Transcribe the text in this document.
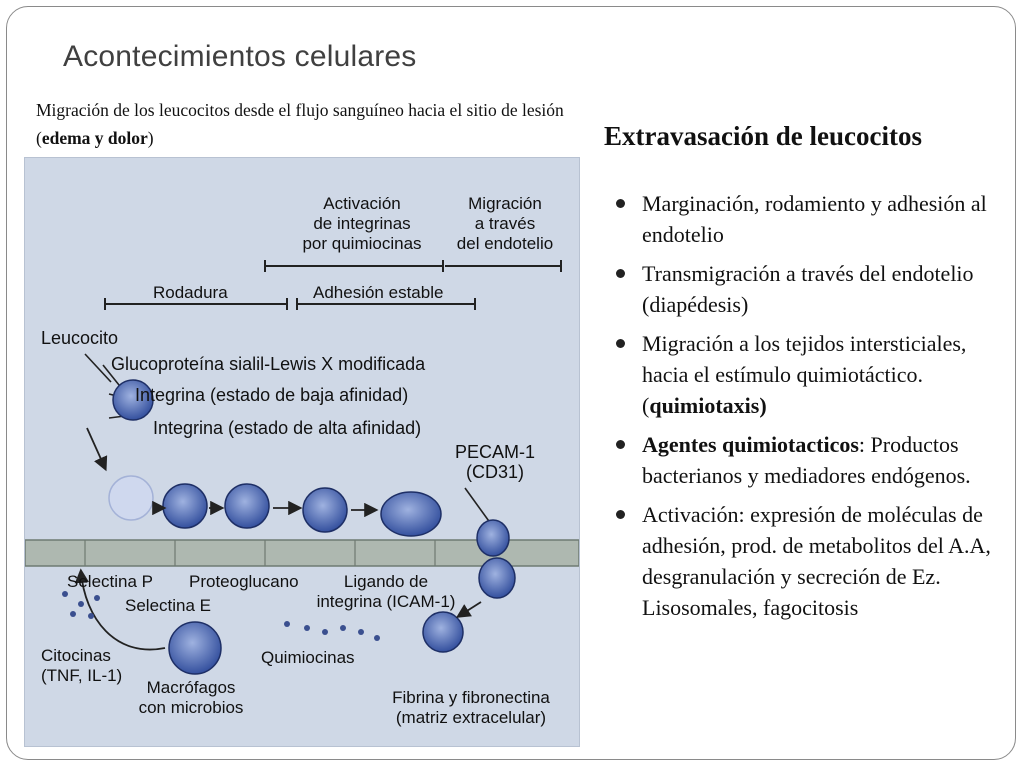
Acontecimientos celulares
Migración de los leucocitos desde el flujo sanguíneo hacia el sitio de lesión (edema y dolor)	Extravasación de leucocitos
Marginación, rodamiento y adhesión al endotelio
Transmigración a través del endotelio (diapédesis)
Migración a los tejidos intersticiales, hacia el estímulo quimiotáctico. (quimiotaxis)
Agentes quimiotacticos: Productos bacterianos y mediadores endógenos.
Activación: expresión de moléculas de adhesión, prod. de metabolitos del A.A, desgranulación y secreción de Ez. Lisosomales, fagocitosis
Activación
de integrinas
por quimiocinas
Migración
a través
del endotelio
Rodadura	Adhesión estable
Leucocito
Glucoproteína sialil-Lewis X modificada
Integrina (estado de baja afinidad)
Integrina (estado de alta afinidad)
PECAM-1
(CD31)
Selectina P Proteoglucano
Selectina E
Ligando de
integrina (ICAM-1)
Citocinas
(TNF, IL-1)
Quimiocinas
Macrófagos
con microbios
Fibrina y fibronectina
(matriz extracelular)
